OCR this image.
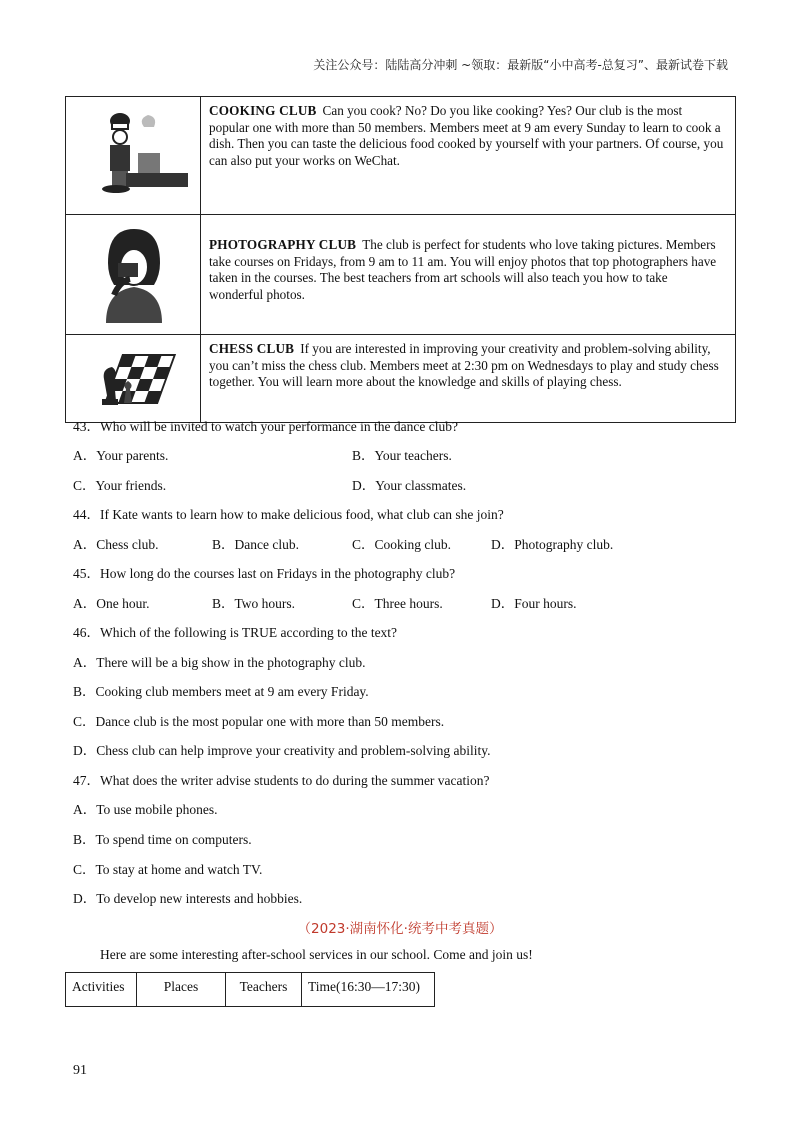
关注公众号：陆陆高分冲刺 ~领取：最新版“小中高考-总复习”、最新试卷下载
	COOKING CLUB Can you cook? No? Do you like cooking? Yes? Our club is the most popular one with more than 50 members. Members meet at 9 am every Sunday to learn to cook a dish. Then you can taste the delicious food cooked by yourself with your partners. Of course, you can also put your works on WeChat.
	PHOTOGRAPHY CLUB The club is perfect for students who love taking pictures. Members take courses on Fridays, from 9 am to 11 am. You will enjoy photos that top photographers have taken in the courses. The best teachers from art schools will also teach you how to take wonderful photos.
	CHESS CLUB If you are interested in improving your creativity and problem-solving ability, you can’t miss the chess club. Members meet at 2:30 pm on Wednesdays to play and study chess together. You will learn more about the knowledge and skills of playing chess.
43．Who will be invited to watch your performance in the dance club?
A．Your parents.	B．Your teachers.
C．Your friends.	D．Your classmates.
44．If Kate wants to learn how to make delicious food, what club can she join?
A．Chess club.	B．Dance club.	C．Cooking club.	D．Photography club.
45．How long do the courses last on Fridays in the photography club?
A．One hour.	B．Two hours.	C．Three hours.	D．Four hours.
46．Which of the following is TRUE according to the text?
A．There will be a big show in the photography club.
B．Cooking club members meet at 9 am every Friday.
C．Dance club is the most popular one with more than 50 members.
D．Chess club can help improve your creativity and problem-solving ability.
47．What does the writer advise students to do during the summer vacation?
A．To use mobile phones.
B．To spend time on computers.
C．To stay at home and watch TV.
D．To develop new interests and hobbies.
（2023·湖南怀化·统考中考真题）
Here are some interesting after-school services in our school. Come and join us!
Activities	Places	Teachers	Time(16:30—17:30)
91
